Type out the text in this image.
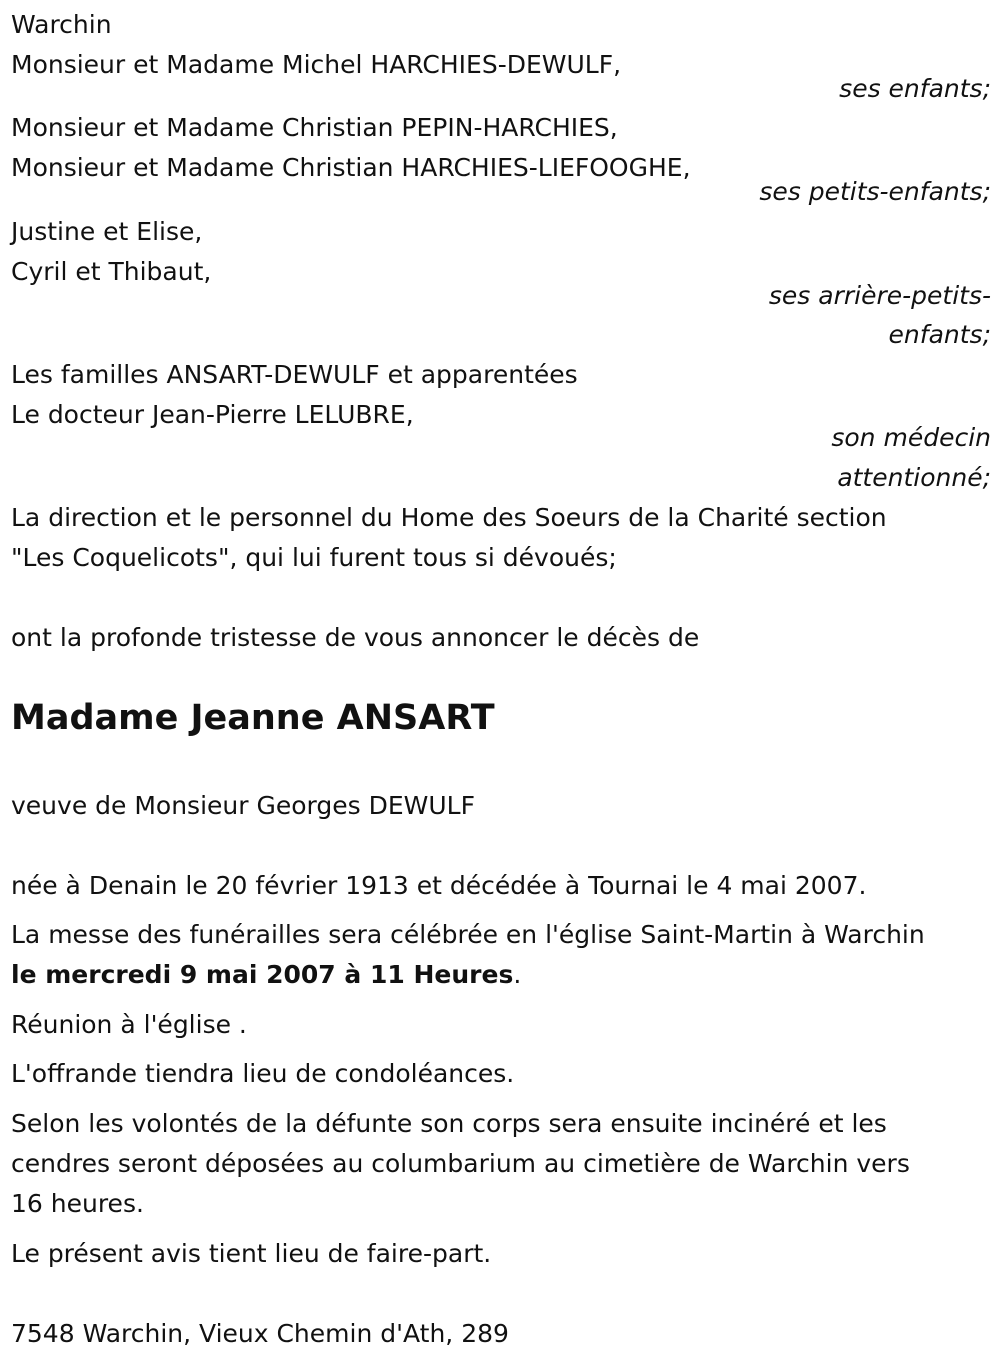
Warchin
Monsieur et Madame Michel HARCHIES-DEWULF,
ses enfants;
Monsieur et Madame Christian PEPIN-HARCHIES,
Monsieur et Madame Christian HARCHIES-LIEFOOGHE,
ses petits-enfants;
Justine et Elise,
Cyril et Thibaut,
ses arrière-petits-
enfants;
Les familles ANSART-DEWULF et apparentées
Le docteur Jean-Pierre LELUBRE,
son médecin
attentionné;
La direction et le personnel du Home des Soeurs de la Charité section
"Les Coquelicots", qui lui furent tous si dévoués;
ont la profonde tristesse de vous annoncer le décès de
Madame Jeanne ANSART
veuve de Monsieur Georges DEWULF
née à Denain le 20 février 1913 et décédée à Tournai le 4 mai 2007.
La messe des funérailles sera célébrée en l'église Saint-Martin à Warchin
le mercredi 9 mai 2007 à 11 Heures.
Réunion à l'église .
L'offrande tiendra lieu de condoléances.
Selon les volontés de la défunte son corps sera ensuite incinéré et les
cendres seront déposées au columbarium au cimetière de Warchin vers
16 heures.
Le présent avis tient lieu de faire-part.
7548 Warchin, Vieux Chemin d'Ath, 289
